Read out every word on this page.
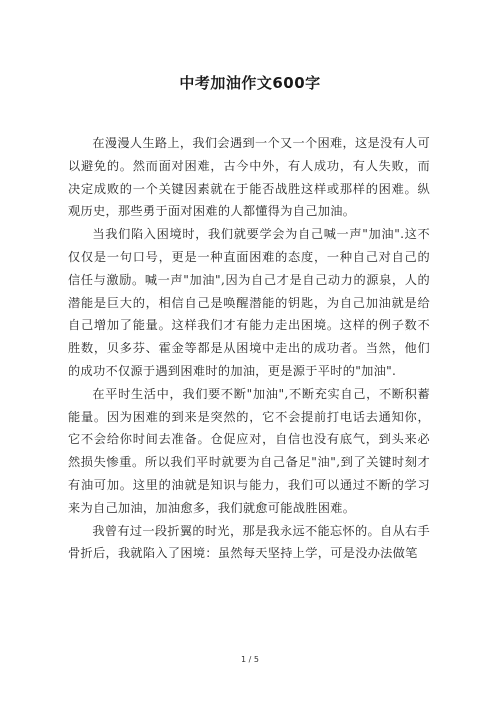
中考加油作文600字

在漫漫人生路上，我们会遇到一个又一个困难，这是没有人可以避免的。然而面对困难，古今中外，有人成功，有人失败，而决定成败的一个关键因素就在于能否战胜这样或那样的困难。纵观历史，那些勇于面对困难的人都懂得为自己加油。

当我们陷入困境时，我们就要学会为自己喊一声"加油".这不仅仅是一句口号，更是一种直面困难的态度，一种自己对自己的信任与激励。喊一声"加油",因为自己才是自己动力的源泉，人的潜能是巨大的，相信自己是唤醒潜能的钥匙，为自己加油就是给自己增加了能量。这样我们才有能力走出困境。这样的例子数不胜数，贝多芬、霍金等都是从困境中走出的成功者。当然，他们的成功不仅源于遇到困难时的加油，更是源于平时的"加油".

在平时生活中，我们要不断"加油",不断充实自己，不断积蓄能量。因为困难的到来是突然的，它不会提前打电话去通知你，它不会给你时间去准备。仓促应对，自信也没有底气，到头来必然损失惨重。所以我们平时就要为自己备足"油",到了关键时刻才有油可加。这里的油就是知识与能力，我们可以通过不断的学习来为自己加油，加油愈多，我们就愈可能战胜困难。

我曾有过一段折翼的时光，那是我永远不能忘怀的。自从右手骨折后，我就陷入了困境：虽然每天坚持上学，可是没办法做笔

1 / 5
